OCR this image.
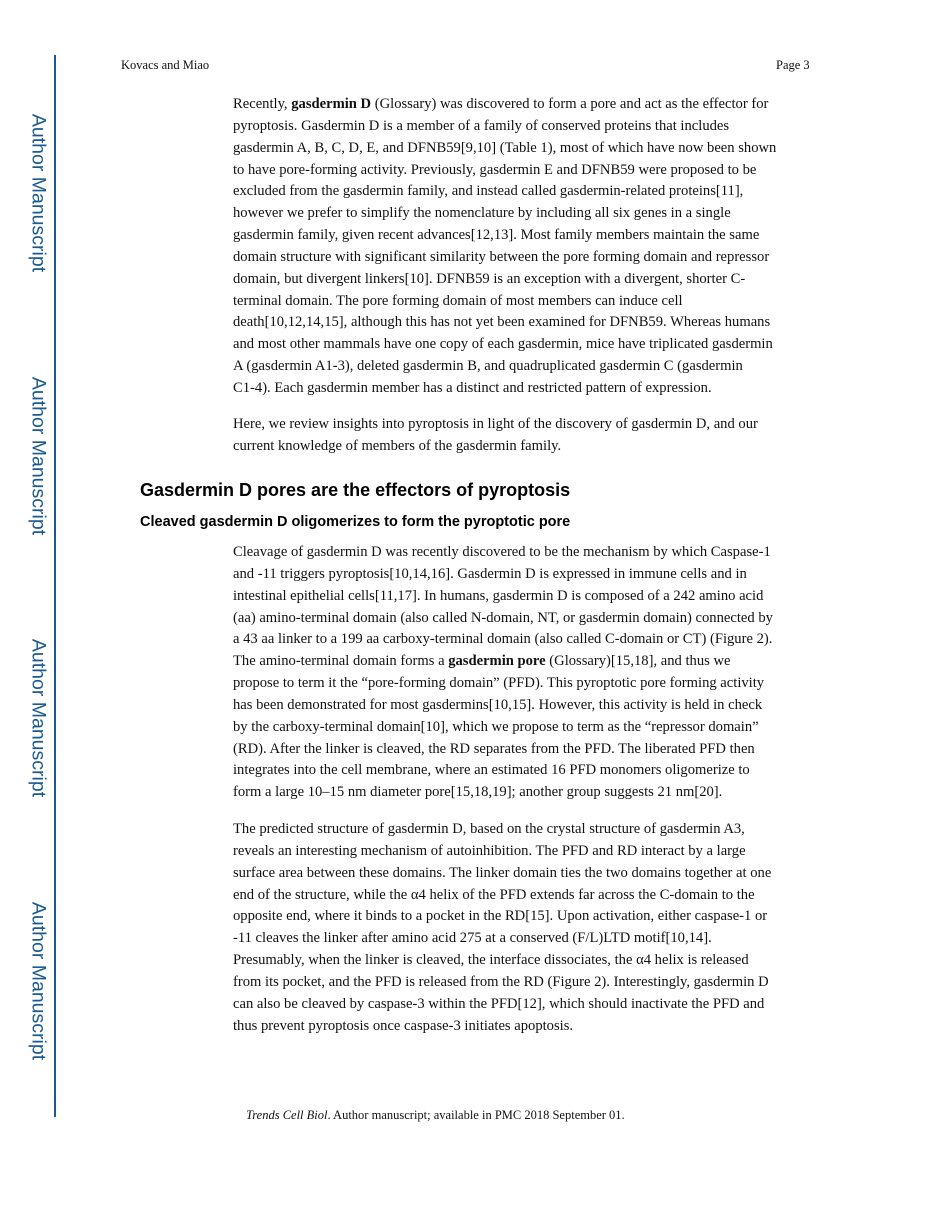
Author Manuscript
Author Manuscript
Author Manuscript
Author Manuscript
Kovacs and Miao	Page 3

Recently, gasdermin D (Glossary) was discovered to form a pore and act as the effector for
pyroptosis. Gasdermin D is a member of a family of conserved proteins that includes
gasdermin A, B, C, D, E, and DFNB59[9,10] (Table 1), most of which have now been shown
to have pore-forming activity. Previously, gasdermin E and DFNB59 were proposed to be
excluded from the gasdermin family, and instead called gasdermin-related proteins[11],
however we prefer to simplify the nomenclature by including all six genes in a single
gasdermin family, given recent advances[12,13]. Most family members maintain the same
domain structure with significant similarity between the pore forming domain and repressor
domain, but divergent linkers[10]. DFNB59 is an exception with a divergent, shorter C-
terminal domain. The pore forming domain of most members can induce cell
death[10,12,14,15], although this has not yet been examined for DFNB59. Whereas humans
and most other mammals have one copy of each gasdermin, mice have triplicated gasdermin
A (gasdermin A1-3), deleted gasdermin B, and quadruplicated gasdermin C (gasdermin
C1-4). Each gasdermin member has a distinct and restricted pattern of expression.

Here, we review insights into pyroptosis in light of the discovery of gasdermin D, and our
current knowledge of members of the gasdermin family.

Gasdermin D pores are the effectors of pyroptosis
Cleaved gasdermin D oligomerizes to form the pyroptotic pore

Cleavage of gasdermin D was recently discovered to be the mechanism by which Caspase-1
and -11 triggers pyroptosis[10,14,16]. Gasdermin D is expressed in immune cells and in
intestinal epithelial cells[11,17]. In humans, gasdermin D is composed of a 242 amino acid
(aa) amino-terminal domain (also called N-domain, NT, or gasdermin domain) connected by
a 43 aa linker to a 199 aa carboxy-terminal domain (also called C-domain or CT) (Figure 2).
The amino-terminal domain forms a gasdermin pore (Glossary)[15,18], and thus we
propose to term it the “pore-forming domain” (PFD). This pyroptotic pore forming activity
has been demonstrated for most gasdermins[10,15]. However, this activity is held in check
by the carboxy-terminal domain[10], which we propose to term as the “repressor domain”
(RD). After the linker is cleaved, the RD separates from the PFD. The liberated PFD then
integrates into the cell membrane, where an estimated 16 PFD monomers oligomerize to
form a large 10–15 nm diameter pore[15,18,19]; another group suggests 21 nm[20].

The predicted structure of gasdermin D, based on the crystal structure of gasdermin A3,
reveals an interesting mechanism of autoinhibition. The PFD and RD interact by a large
surface area between these domains. The linker domain ties the two domains together at one
end of the structure, while the α4 helix of the PFD extends far across the C-domain to the
opposite end, where it binds to a pocket in the RD[15]. Upon activation, either caspase-1 or
-11 cleaves the linker after amino acid 275 at a conserved (F/L)LTD motif[10,14].
Presumably, when the linker is cleaved, the interface dissociates, the α4 helix is released
from its pocket, and the PFD is released from the RD (Figure 2). Interestingly, gasdermin D
can also be cleaved by caspase-3 within the PFD[12], which should inactivate the PFD and
thus prevent pyroptosis once caspase-3 initiates apoptosis.

Trends Cell Biol. Author manuscript; available in PMC 2018 September 01.
